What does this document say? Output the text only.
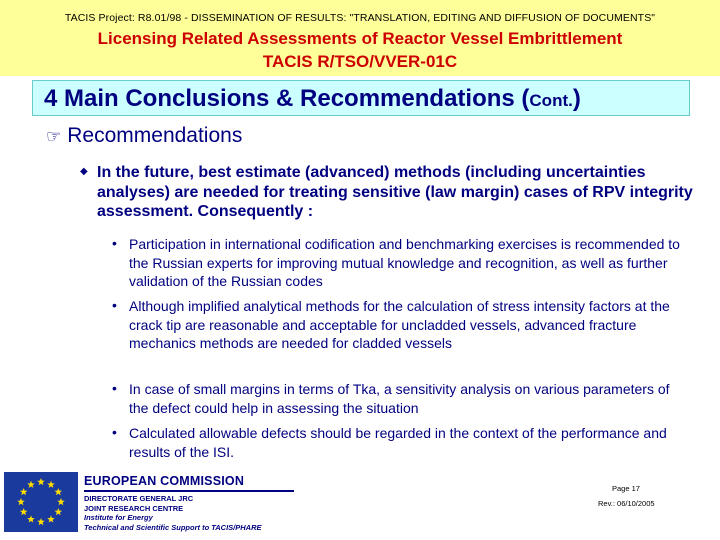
TACIS Project: R8.01/98 - DISSEMINATION OF RESULTS: "TRANSLATION, EDITING AND DIFFUSION OF DOCUMENTS"
Licensing Related Assessments of Reactor Vessel Embrittlement
TACIS R/TSO/VVER-01C
4 Main Conclusions & Recommendations (Cont.)
☞ Recommendations
◆ In the future, best estimate (advanced) methods (including uncertainties analyses) are needed for treating sensitive (law margin) cases of RPV integrity assessment. Consequently :
• Participation in international codification and benchmarking exercises is recommended to the Russian experts for improving mutual knowledge and recognition, as well as further validation of the Russian codes
• Although implified analytical methods for the calculation of stress intensity factors at the crack tip are reasonable and acceptable for uncladded vessels, advanced fracture mechanics methods are needed for cladded vessels
• In case of small margins in terms of Tka, a sensitivity analysis on various parameters of the defect could help in assessing the situation
• Calculated allowable defects should be regarded in the context of the performance and results of the ISI.
EUROPEAN COMMISSION
DIRECTORATE GENERAL JRC
JOINT RESEARCH CENTRE
Institute for Energy
Technical and Scientific Support to TACIS/PHARE
Page 17
Rev.: 06/10/2005
